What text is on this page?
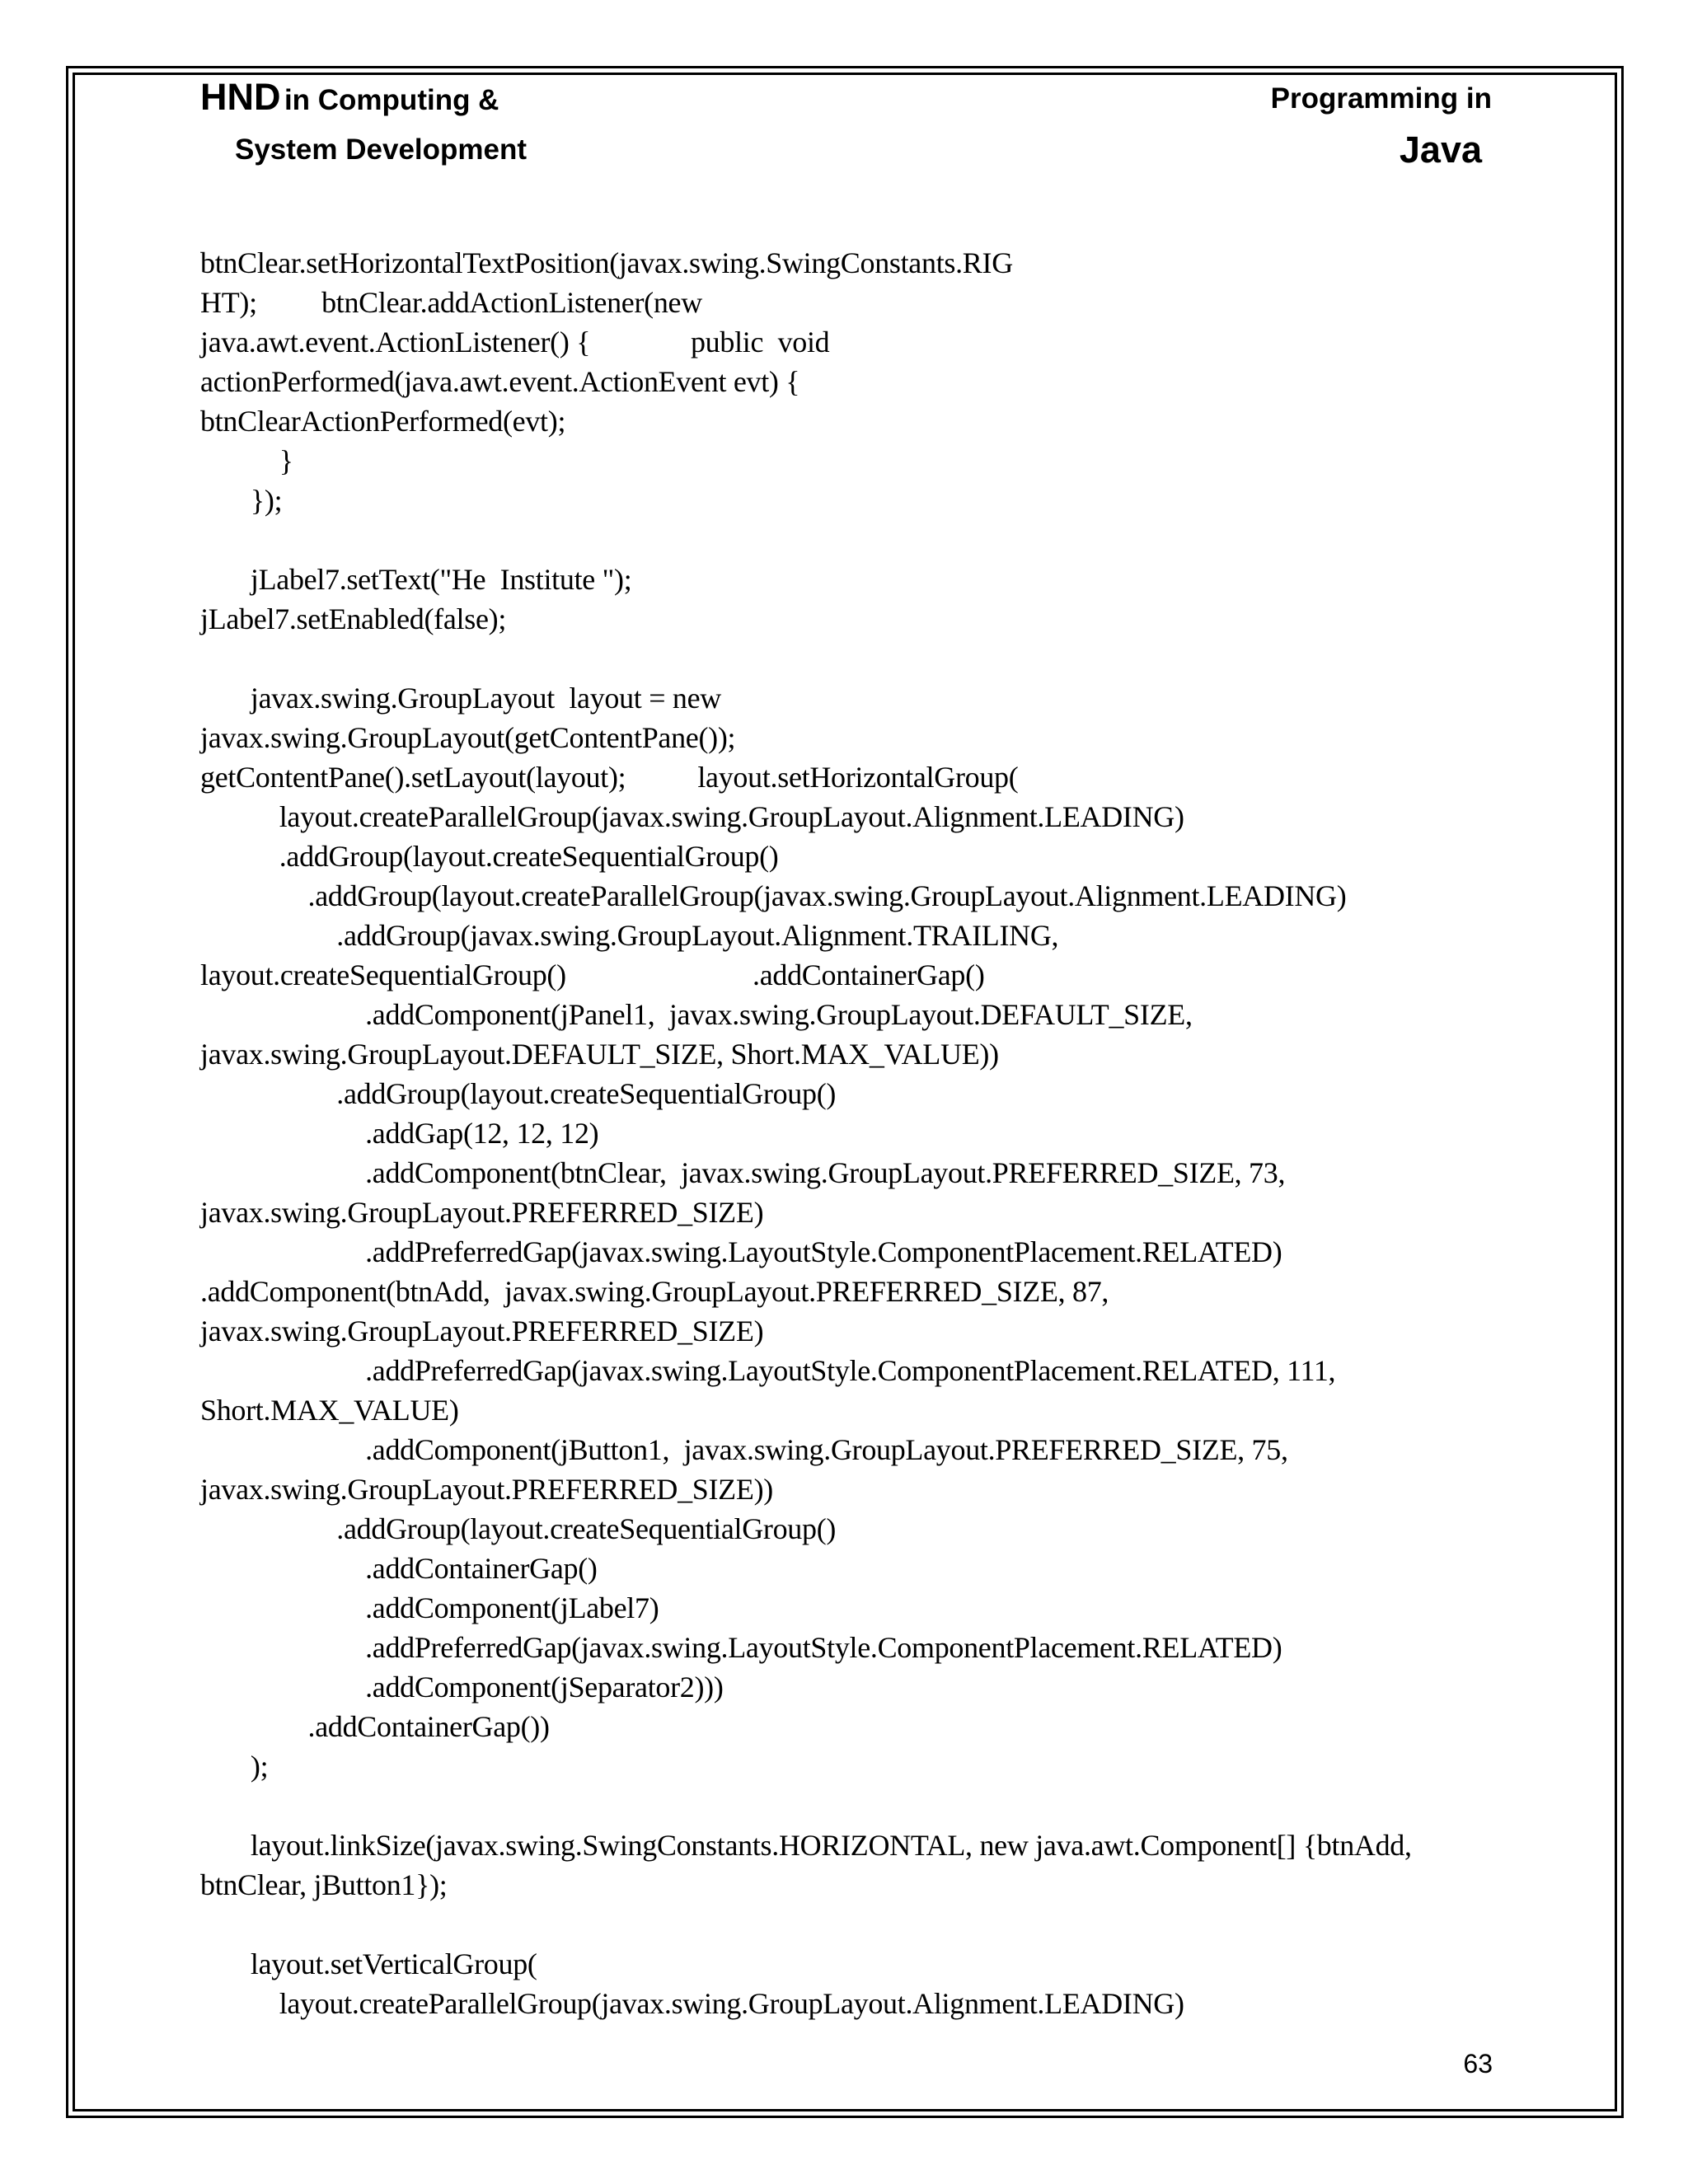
HND in Computing &
System Development
Programming in
Java
btnClear.setHorizontalTextPosition(javax.swing.SwingConstants.RIG
HT);         btnClear.addActionListener(new
java.awt.event.ActionListener() {              public  void
actionPerformed(java.awt.event.ActionEvent evt) {
btnClearActionPerformed(evt);
}
});
jLabel7.setText("He  Institute ");
jLabel7.setEnabled(false);
javax.swing.GroupLayout  layout = new
javax.swing.GroupLayout(getContentPane());
getContentPane().setLayout(layout);          layout.setHorizontalGroup(
layout.createParallelGroup(javax.swing.GroupLayout.Alignment.LEADING)
.addGroup(layout.createSequentialGroup()
.addGroup(layout.createParallelGroup(javax.swing.GroupLayout.Alignment.LEADING)
.addGroup(javax.swing.GroupLayout.Alignment.TRAILING,
layout.createSequentialGroup()                          .addContainerGap()
.addComponent(jPanel1,  javax.swing.GroupLayout.DEFAULT_SIZE,
javax.swing.GroupLayout.DEFAULT_SIZE, Short.MAX_VALUE))
.addGroup(layout.createSequentialGroup()
.addGap(12, 12, 12)
.addComponent(btnClear,  javax.swing.GroupLayout.PREFERRED_SIZE, 73,
javax.swing.GroupLayout.PREFERRED_SIZE)
.addPreferredGap(javax.swing.LayoutStyle.ComponentPlacement.RELATED)
.addComponent(btnAdd,  javax.swing.GroupLayout.PREFERRED_SIZE, 87,
javax.swing.GroupLayout.PREFERRED_SIZE)
.addPreferredGap(javax.swing.LayoutStyle.ComponentPlacement.RELATED, 111,
Short.MAX_VALUE)
.addComponent(jButton1,  javax.swing.GroupLayout.PREFERRED_SIZE, 75,
javax.swing.GroupLayout.PREFERRED_SIZE))
.addGroup(layout.createSequentialGroup()
.addContainerGap()
.addComponent(jLabel7)
.addPreferredGap(javax.swing.LayoutStyle.ComponentPlacement.RELATED)
.addComponent(jSeparator2)))
.addContainerGap())
);
layout.linkSize(javax.swing.SwingConstants.HORIZONTAL, new java.awt.Component[] {btnAdd,
btnClear, jButton1});
layout.setVerticalGroup(
layout.createParallelGroup(javax.swing.GroupLayout.Alignment.LEADING)
63
